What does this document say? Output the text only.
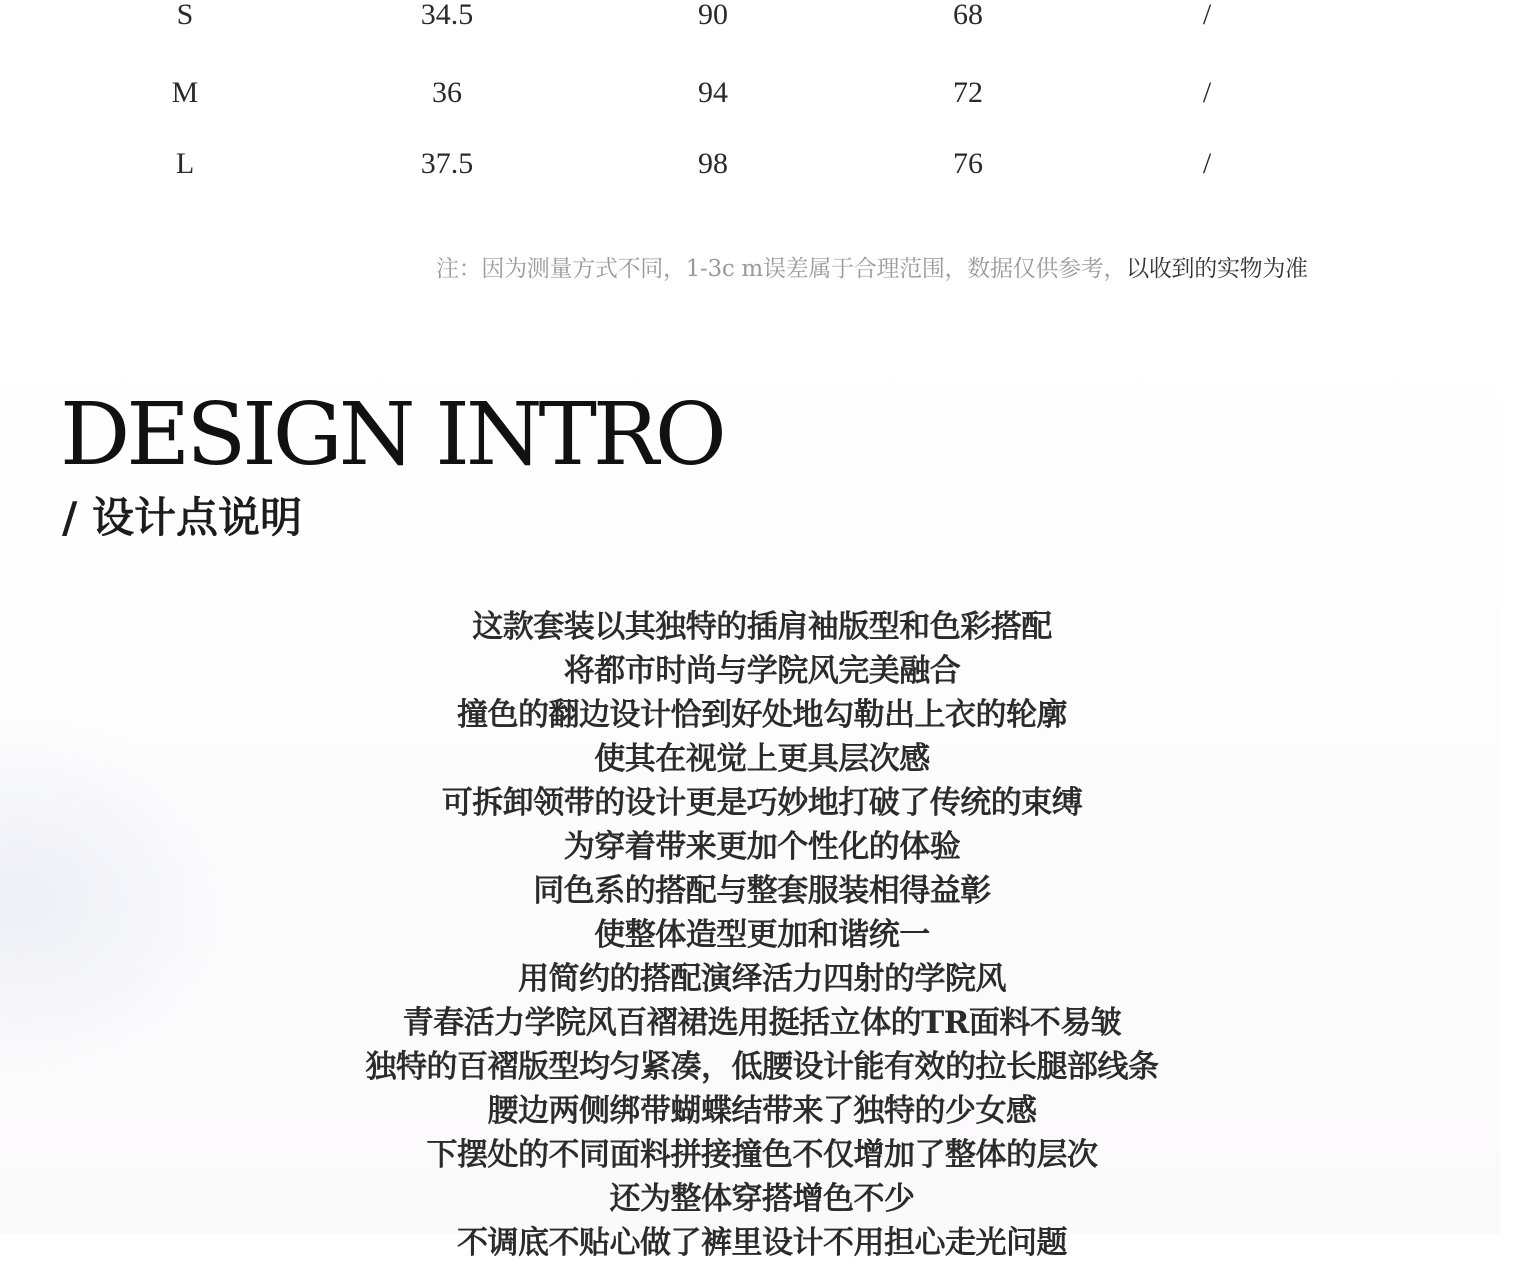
S	34.5	90	68	/
M	36	94	72	/
L	37.5	98	76	/
注：因为测量方式不同，1-3c m误差属于合理范围，数据仅供参考，以收到的实物为准
DESIGN INTRO
/ 设计点说明
这款套装以其独特的插肩袖版型和色彩搭配
将都市时尚与学院风完美融合
撞色的翻边设计恰到好处地勾勒出上衣的轮廓
使其在视觉上更具层次感
可拆卸领带的设计更是巧妙地打破了传统的束缚
为穿着带来更加个性化的体验
同色系的搭配与整套服装相得益彰
使整体造型更加和谐统一
用简约的搭配演绎活力四射的学院风
青春活力学院风百褶裙选用挺括立体的TR面料不易皱
独特的百褶版型均匀紧凑，低腰设计能有效的拉长腿部线条
腰边两侧绑带蝴蝶结带来了独特的少女感
下摆处的不同面料拼接撞色不仅增加了整体的层次
还为整体穿搭增色不少
不调底不贴心做了裤里设计不用担心走光问题
